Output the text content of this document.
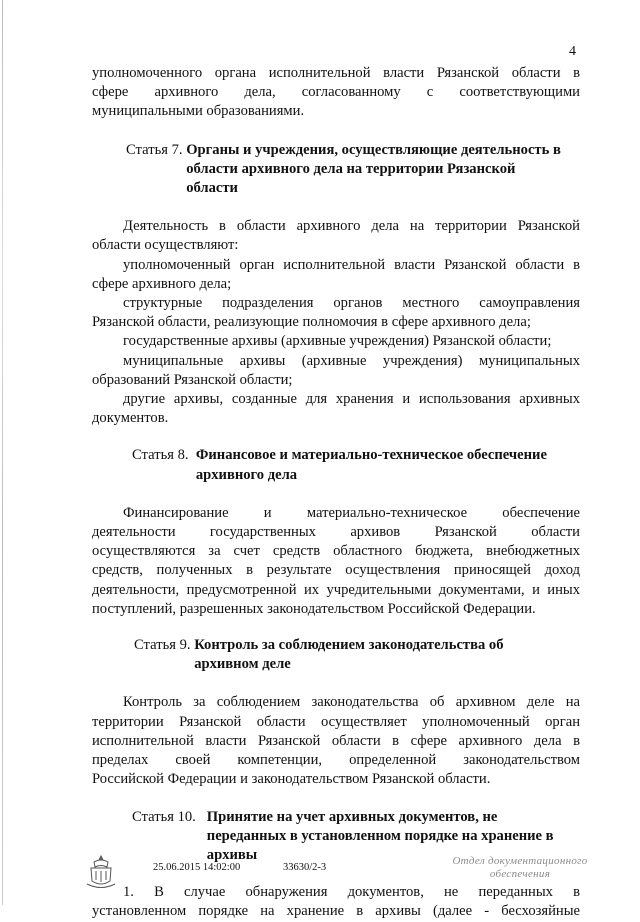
4

уполномоченного органа исполнительной власти Рязанской области в

сфере архивного дела, согласованному с соответствующими

муниципальными образованиями.

Статья 7. Органы и учреждения, осуществляющие деятельность в
области архивного дела на территории Рязанской
области

Деятельность в области архивного дела на территории Рязанской

области осуществляют:

уполномоченный орган исполнительной власти Рязанской области в

сфере архивного дела;

структурные подразделения органов местного самоуправления

Рязанской области, реализующие полномочия в сфере архивного дела;

государственные архивы (архивные учреждения) Рязанской области;

муниципальные архивы (архивные учреждения) муниципальных

образований Рязанской области;

другие архивы, созданные для хранения и использования архивных

документов.

Статья 8. Финансовое и материально-техническое обеспечение
архивного дела

Финансирование и материально-техническое обеспечение

деятельности государственных архивов Рязанской области

осуществляются за счет средств областного бюджета, внебюджетных

средств, полученных в результате осуществления приносящей доход

деятельности, предусмотренной их учредительными документами, и иных

поступлений, разрешенных законодательством Российской Федерации.

Статья 9. Контроль за соблюдением законодательства об
архивном деле

Контроль за соблюдением законодательства об архивном деле на

территории Рязанской области осуществляет уполномоченный орган

исполнительной власти Рязанской области в сфере архивного дела в

пределах своей компетенции, определенной законодательством

Российской Федерации и законодательством Рязанской области.

Статья 10. Принятие на учет архивных документов, не
переданных в установленном порядке на хранение в
архивы

1. В случае обнаружения документов, не переданных в

установленном порядке на хранение в архивы (далее - бесхозяйные

25.06.2015 14:02:00	33630/2-3
Отдел документационного
обеспечения
